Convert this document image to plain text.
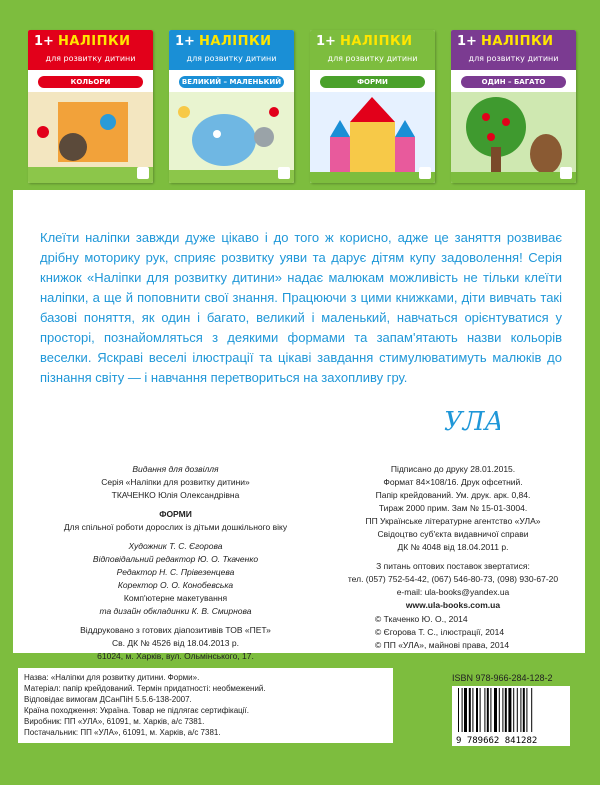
1+ НАЛІПКИ
для розвитку дитини
КОЛЬОРИ
1+ НАЛІПКИ
для розвитку дитини
ВЕЛИКИЙ – МАЛЕНЬКИЙ
1+ НАЛІПКИ
для розвитку дитини
ФОРМИ
1+ НАЛІПКИ
для розвитку дитини
ОДИН – БАГАТО

Клеїти наліпки завжди дуже цікаво і до того ж корисно, адже це заняття розвиває дрібну моторику рук, сприяє розвитку уяви та дарує дітям купу задоволення! Серія книжок «Наліпки для розвитку дитини» надає малюкам можливість не тільки клеїти наліпки, а ще й поповнити свої знання. Працюючи з цими книжками, діти вивчать такі базові поняття, як один і багато, великий і маленький, навчаться орієнтуватися у просторі, познайомляться з деякими формами та запам'ятають назви кольорів веселки. Яскраві веселі ілюстрації та цікаві завдання стимулюватимуть малюків до пізнання світу — і навчання перетвориться на захопливу гру.

УЛА
Видання для дозвілля
Серія «Наліпки для розвитку дитини»
ТКАЧЕНКО Юлія Олександрівна
ФОРМИ
Для спільної роботи дорослих із дітьми дошкільного віку
Художник Т. С. Єгорова
Відповідальний редактор Ю. О. Ткаченко
Редактор Н. С. Прівезенцева
Коректор О. О. Конобевська
Комп'ютерне макетування
та дизайн обкладинки К. В. Смирнова
Віддруковано з готових діапозитивів ТОВ «ПЕТ»
Св. ДК № 4526 від 18.04.2013 р.
61024, м. Харків, вул. Ольмінського, 17.
Підписано до друку 28.01.2015.
Формат 84×108/16. Друк офсетний.
Папір крейдований. Ум. друк. арк. 0,84.
Тираж 2000 прим. Зам № 15-01-3004.
ПП Українське літературне агентство «УЛА»
Свідоцтво суб'єкта видавничої справи
ДК № 4048 від 18.04.2011 р.
З питань оптових поставок звертатися:
тел. (057) 752-54-42, (067) 546-80-73, (098) 930-67-20
e-mail: ula-books@yandex.ua
www.ula-books.com.ua
© Ткаченко Ю. О., 2014
© Єгорова Т. С., ілюстрації, 2014
© ПП «УЛА», майнові права, 2014
Назва: «Наліпки для розвитку дитини. Форми».
Матеріал: папір крейдований. Термін придатності: необмежений.
Відповідає вимогам ДСанПіН 5.5.6-138-2007.
Країна походження: Україна. Товар не підлягає сертифікації.
Виробник: ПП «УЛА», 61091, м. Харків, а/с 7381.
Постачальник: ПП «УЛА», 61091, м. Харків, а/с 7381.
ISBN 978-966-284-128-2
9 789662 841282
